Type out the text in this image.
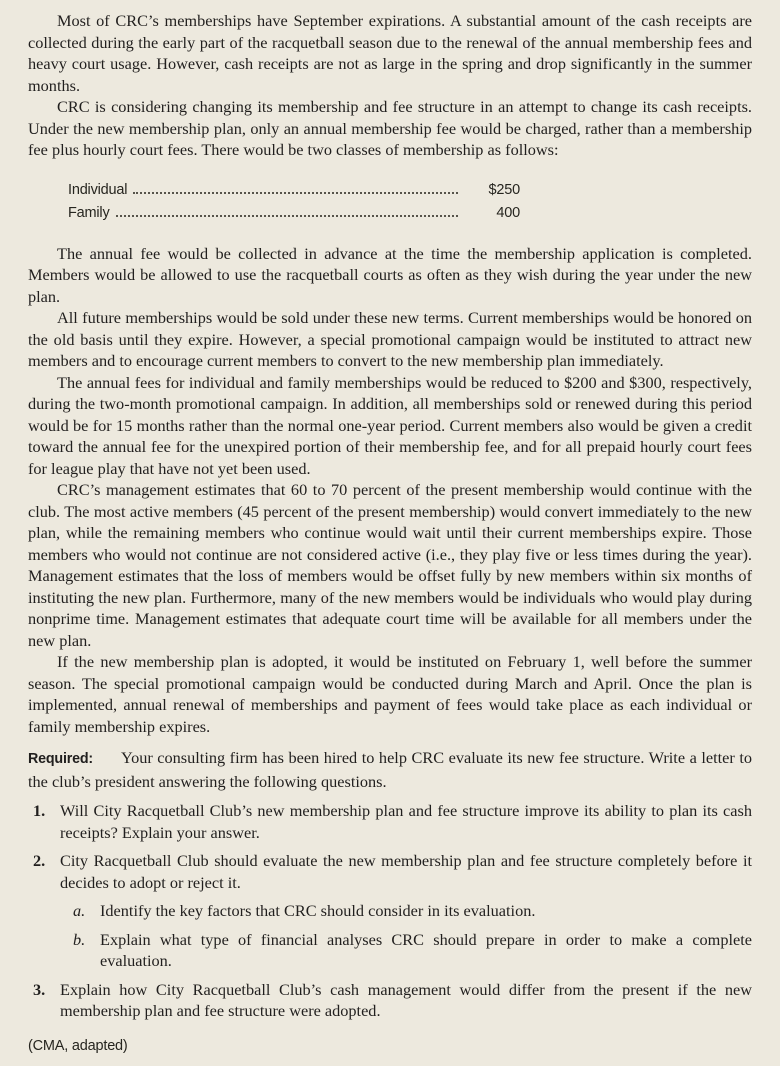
Most of CRC’s memberships have September expirations. A substantial amount of the cash receipts are collected during the early part of the racquetball season due to the renewal of the annual membership fees and heavy court usage. However, cash receipts are not as large in the spring and drop significantly in the summer months.

CRC is considering changing its membership and fee structure in an attempt to change its cash receipts. Under the new membership plan, only an annual membership fee would be charged, rather than a membership fee plus hourly court fees. There would be two classes of membership as follows:

Individual	$250
Family	400

The annual fee would be collected in advance at the time the membership application is completed. Members would be allowed to use the racquetball courts as often as they wish during the year under the new plan.

All future memberships would be sold under these new terms. Current memberships would be honored on the old basis until they expire. However, a special promotional campaign would be instituted to attract new members and to encourage current members to convert to the new membership plan immediately.

The annual fees for individual and family memberships would be reduced to $200 and $300, respectively, during the two-month promotional campaign. In addition, all memberships sold or renewed during this period would be for 15 months rather than the normal one-year period. Current members also would be given a credit toward the annual fee for the unexpired portion of their membership fee, and for all prepaid hourly court fees for league play that have not yet been used.

CRC’s management estimates that 60 to 70 percent of the present membership would continue with the club. The most active members (45 percent of the present membership) would convert immediately to the new plan, while the remaining members who continue would wait until their current memberships expire. Those members who would not continue are not considered active (i.e., they play five or less times during the year). Management estimates that the loss of members would be offset fully by new members within six months of instituting the new plan. Furthermore, many of the new members would be individuals who would play during nonprime time. Management estimates that adequate court time will be available for all members under the new plan.

If the new membership plan is adopted, it would be instituted on February 1, well before the summer season. The special promotional campaign would be conducted during March and April. Once the plan is implemented, annual renewal of memberships and payment of fees would take place as each individual or family membership expires.

Required: Your consulting firm has been hired to help CRC evaluate its new fee structure. Write a letter to the club’s president answering the following questions.

1. Will City Racquetball Club’s new membership plan and fee structure improve its ability to plan its cash receipts? Explain your answer.
2. City Racquetball Club should evaluate the new membership plan and fee structure completely before it decides to adopt or reject it.
a. Identify the key factors that CRC should consider in its evaluation.
b. Explain what type of financial analyses CRC should prepare in order to make a complete evaluation.
3. Explain how City Racquetball Club’s cash management would differ from the present if the new membership plan and fee structure were adopted.
(CMA, adapted)
